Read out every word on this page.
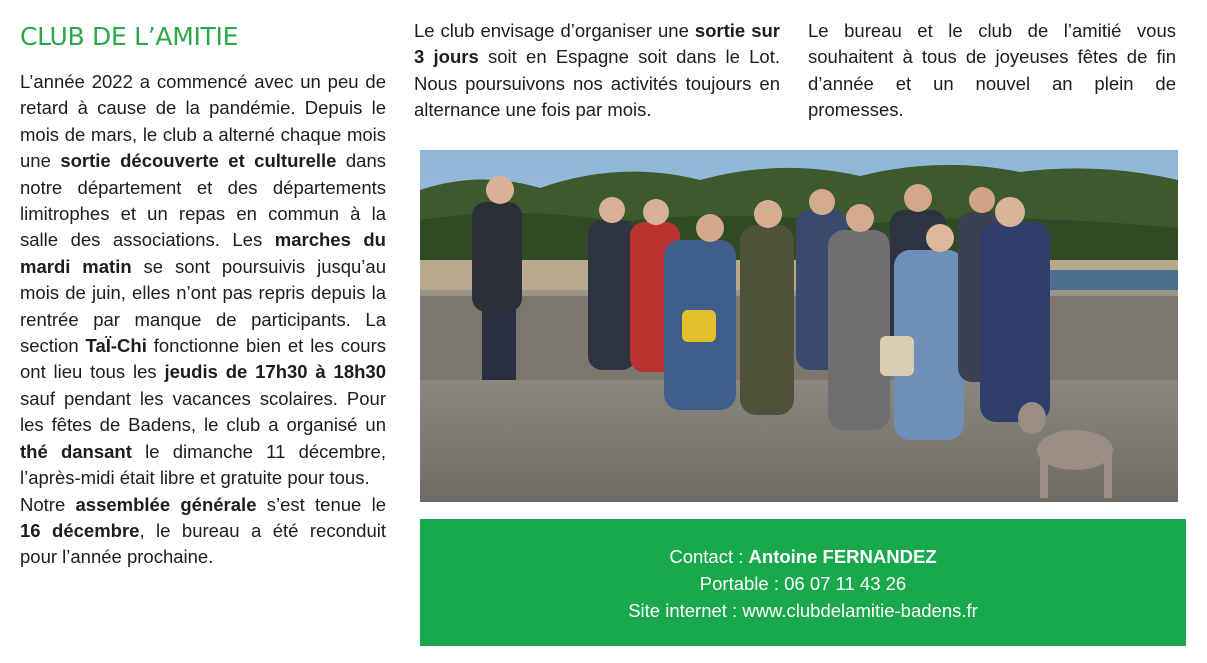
CLUB DE L’AMITIE

L’année 2022 a commencé avec un peu de retard à cause de la pandémie. Depuis le mois de mars, le club a alterné chaque mois une sortie découverte et culturelle dans notre département et des départements limitrophes et un repas en commun à la salle des associations. Les marches du mardi matin se sont poursuivis jusqu’au mois de juin, elles n’ont pas repris depuis la rentrée par manque de participants. La section TaÏ-Chi fonctionne bien et les cours ont lieu tous les jeudis de 17h30 à 18h30 sauf pendant les vacances scolaires. Pour les fêtes de Badens, le club a organisé un thé dansant le dimanche 11 décembre, l’après-midi était libre et gratuite pour tous.
Notre assemblée générale s’est tenue le 16 décembre, le bureau a été reconduit pour l’année prochaine.

Le club envisage d’organiser une sortie sur 3 jours soit en Espagne soit dans le Lot. Nous poursuivons nos activités toujours en alternance une fois par mois.

Le bureau et le club de l’amitié vous souhaitent à tous de joyeuses fêtes de fin d’année et un nouvel an plein de promesses.

Contact : Antoine FERNANDEZ
Portable : 06 07 11 43 26
Site internet : www.clubdelamitie-badens.fr
